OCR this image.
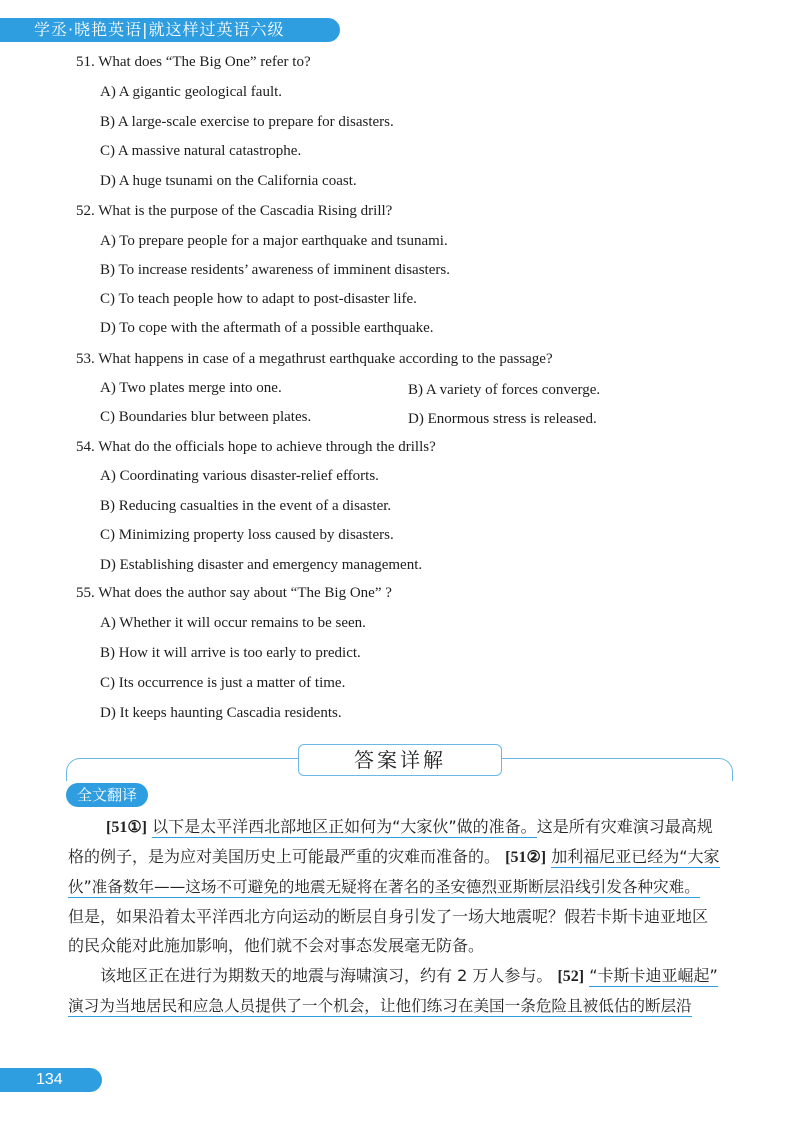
学丞·晓艳英语|就这样过英语六级
51. What does “The Big One” refer to?
A) A gigantic geological fault.
B) A large-scale exercise to prepare for disasters.
C) A massive natural catastrophe.
D) A huge tsunami on the California coast.
52. What is the purpose of the Cascadia Rising drill?
A) To prepare people for a major earthquake and tsunami.
B) To increase residents’ awareness of imminent disasters.
C) To teach people how to adapt to post-disaster life.
D) To cope with the aftermath of a possible earthquake.
53. What happens in case of a megathrust earthquake according to the passage?
A) Two plates merge into one.	B) A variety of forces converge.
C) Boundaries blur between plates.	D) Enormous stress is released.
54. What do the officials hope to achieve through the drills?
A) Coordinating various disaster-relief efforts.
B) Reducing casualties in the event of a disaster.
C) Minimizing property loss caused by disasters.
D) Establishing disaster and emergency management.
55. What does the author say about “The Big One” ?
A) Whether it will occur remains to be seen.
B) How it will arrive is too early to predict.
C) Its occurrence is just a matter of time.
D) It keeps haunting Cascadia residents.
答案详解
全文翻译
[51①] 以下是太平洋西北部地区正如何为“大家伙”做的准备。这是所有灾难演习最高规
格的例子，是为应对美国历史上可能最严重的灾难而准备的。 [51②] 加利福尼亚已经为“大家
伙”准备数年——这场不可避免的地震无疑将在著名的圣安德烈亚斯断层沿线引发各种灾难。
但是，如果沿着太平洋西北方向运动的断层自身引发了一场大地震呢？假若卡斯卡迪亚地区
的民众能对此施加影响，他们就不会对事态发展毫无防备。
该地区正在进行为期数天的地震与海啸演习，约有 2 万人参与。 [52] “卡斯卡迪亚崛起”
演习为当地居民和应急人员提供了一个机会，让他们练习在美国一条危险且被低估的断层沿
134
